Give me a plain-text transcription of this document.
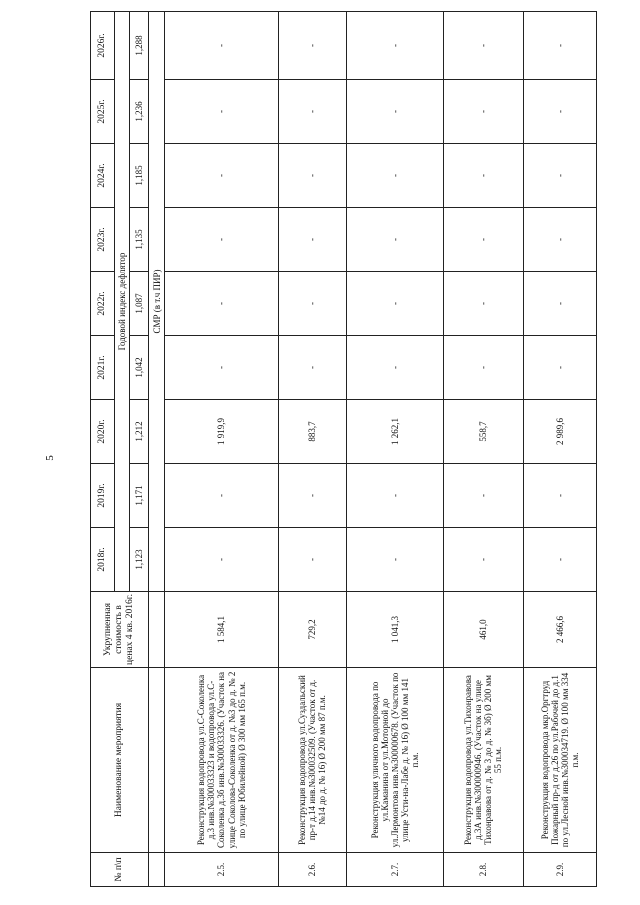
5
№ п\п	Наименование мероприятия	Укрупненная стоимость в ценах 4 кв. 2016г.	2018г.	2019г.	2020г.	2021г.	2022г.	2023г.	2024г.	2025г.	2026г.
			Годовой индекс дефлятор								
			1,123	1,171	1,212	1,042	1,087	1,135	1,185	1,236	1,288
			СМР (в т.ч ПИР)								
2.5.	Реконструкция водопровода ул.С-Соколенка д.3 инв.№300033323 и водопровода ул.С-Соколенка д.3б инв.№300033326. (Участок на улице Соколова-Соколенка от д. №3 до д. № 2 по улице Юбилейной) Ø 300 мм 165 п.м.	1 584,1	-	-	1 919,9	-	-	-	-	-	-
2.6.	Реконструкция водопровода ул.Суздальский пр-т д.14 инв.№300032509. (Участок от д. №14 до д. № 16) Ø 200 мм 87 п.м.	729,2	-	-	883,7	-	-	-	-	-	-
2.7.	Реконструкция уличного водопровода по ул.Каманина от ул.Моторной до ул.Лермонтова инв.№300000678. (Участок по улице Усти-на-Лабе д. № 16) Ø 100 мм 141 п.м.	1 041,3	-	-	1 262,1	-	-	-	-	-	-
2.8.	Реконструкция водопровода ул.Тихонравова д.3А инв.№300000946. (Участок на улице Тихонравова от д. № 3 до д. № 3б) Ø 200 мм 55 п.м.	461,0	-	-	558,7	-	-	-	-	-	-
2.9.	Реконструкция водопровода мкр.Оргтруд Пожарный пр-д от д.26 по ул.Рабочей до д.1 по ул.Лесной инв.№300034719. Ø 100 мм 334 п.м.	2 466,6	-	-	2 989,6	-	-	-	-	-	-
